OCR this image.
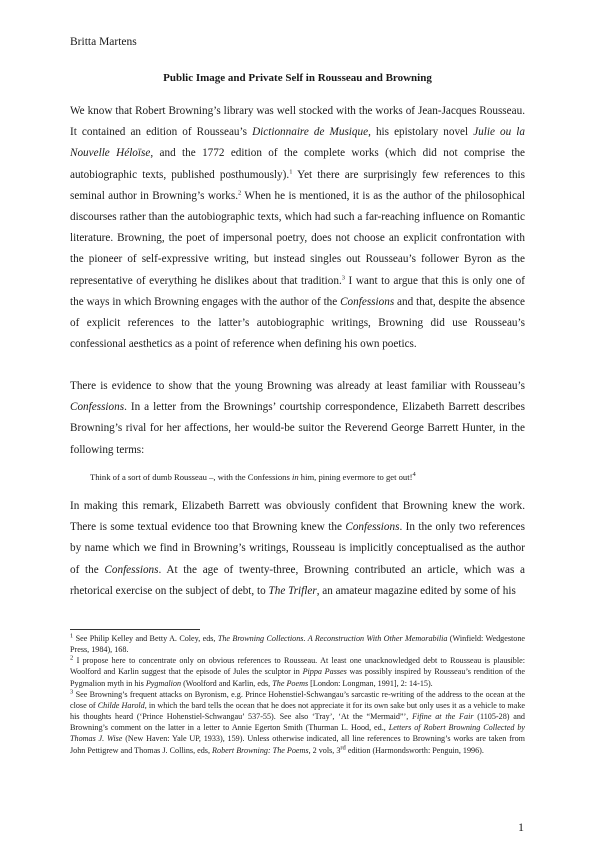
Britta Martens
Public Image and Private Self in Rousseau and Browning

We know that Robert Browning’s library was well stocked with the works of Jean-Jacques Rousseau. It contained an edition of Rousseau’s Dictionnaire de Musique, his epistolary novel Julie ou la Nouvelle Héloïse, and the 1772 edition of the complete works (which did not comprise the autobiographic texts, published posthumously).$^1$ Yet there are surprisingly few references to this seminal author in Browning’s works.$^2$ When he is mentioned, it is as the author of the philosophical discourses rather than the autobiographic texts, which had such a far-reaching influence on Romantic literature. Browning, the poet of impersonal poetry, does not choose an explicit confrontation with the pioneer of self-expressive writing, but instead singles out Rousseau’s follower Byron as the representative of everything he dislikes about that tradition.$^3$ I want to argue that this is only one of the ways in which Browning engages with the author of the Confessions and that, despite the absence of explicit references to the latter’s autobiographic writings, Browning did use Rousseau’s confessional aesthetics as a point of reference when defining his own poetics.

There is evidence to show that the young Browning was already at least familiar with Rousseau’s Confessions. In a letter from the Brownings’ courtship correspondence, Elizabeth Barrett describes Browning’s rival for her affections, her would-be suitor the Reverend George Barrett Hunter, in the following terms:

Think of a sort of dumb Rousseau –, with the Confessions in him, pining evermore to get out!$^4$

In making this remark, Elizabeth Barrett was obviously confident that Browning knew the work. There is some textual evidence too that Browning knew the Confessions. In the only two references by name which we find in Browning’s writings, Rousseau is implicitly conceptualised as the author of the Confessions. At the age of twenty-three, Browning contributed an article, which was a rhetorical exercise on the subject of debt, to The Trifler, an amateur magazine edited by some of his

$^1$ See Philip Kelley and Betty A. Coley, eds, The Browning Collections. A Reconstruction With Other Memorabilia (Winfield: Wedgestone Press, 1984), 168.

$^2$ I propose here to concentrate only on obvious references to Rousseau. At least one unacknowledged debt to Rousseau is plausible: Woolford and Karlin suggest that the episode of Jules the sculptor in Pippa Passes was possibly inspired by Rousseau’s rendition of the Pygmalion myth in his Pygmalion (Woolford and Karlin, eds, The Poems [London: Longman, 1991], 2: 14-15).

$^3$ See Browning’s frequent attacks on Byronism, e.g. Prince Hohenstiel-Schwangau’s sarcastic re-writing of the address to the ocean at the close of Childe Harold, in which the bard tells the ocean that he does not appreciate it for its own sake but only uses it as a vehicle to make his thoughts heard (‘Prince Hohenstiel-Schwangau’ 537-55). See also ‘Tray’, ‘At the “Mermaid”’, Fifine at the Fair (1105-28) and Browning’s comment on the latter in a letter to Annie Egerton Smith (Thurman L. Hood, ed., Letters of Robert Browning Collected by Thomas J. Wise (New Haven: Yale UP, 1933), 159). Unless otherwise indicated, all line references to Browning’s works are taken from John Pettigrew and Thomas J. Collins, eds, Robert Browning: The Poems, 2 vols, 3rd edition (Harmondsworth: Penguin, 1996).

1
